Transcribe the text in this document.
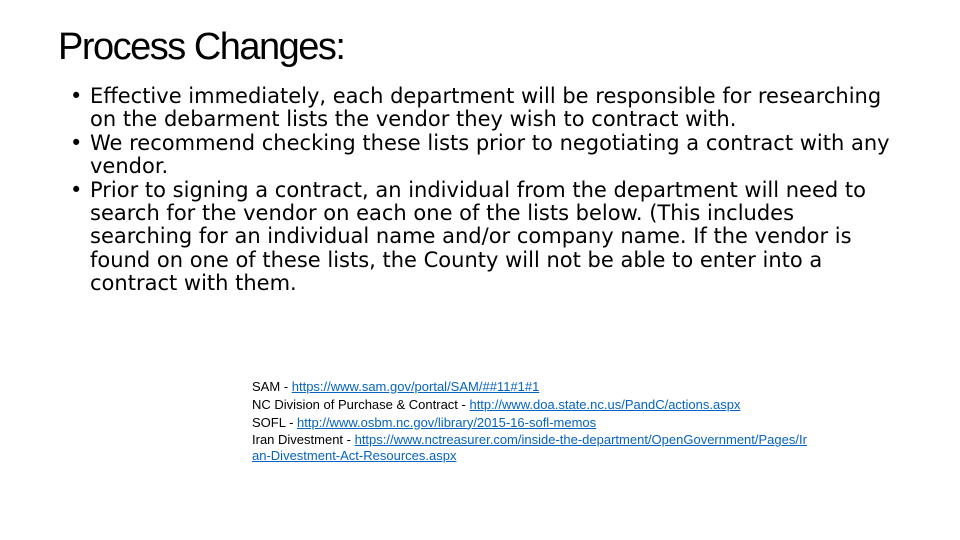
Process Changes:
• Effective immediately, each department will be responsible for researching on the debarment lists the vendor they wish to contract with.
• We recommend checking these lists prior to negotiating a contract with any vendor.
• Prior to signing a contract, an individual from the department will need to search for the vendor on each one of the lists below. (This includes searching for an individual name and/or company name. If the vendor is found on one of these lists, the County will not be able to enter into a contract with them.
SAM - https://www.sam.gov/portal/SAM/##11#1#1
NC Division of Purchase & Contract - http://www.doa.state.nc.us/PandC/actions.aspx
SOFL - http://www.osbm.nc.gov/library/2015-16-sofl-memos
Iran Divestment - https://www.nctreasurer.com/inside-the-department/OpenGovernment/Pages/Iran-Divestment-Act-Resources.aspx
